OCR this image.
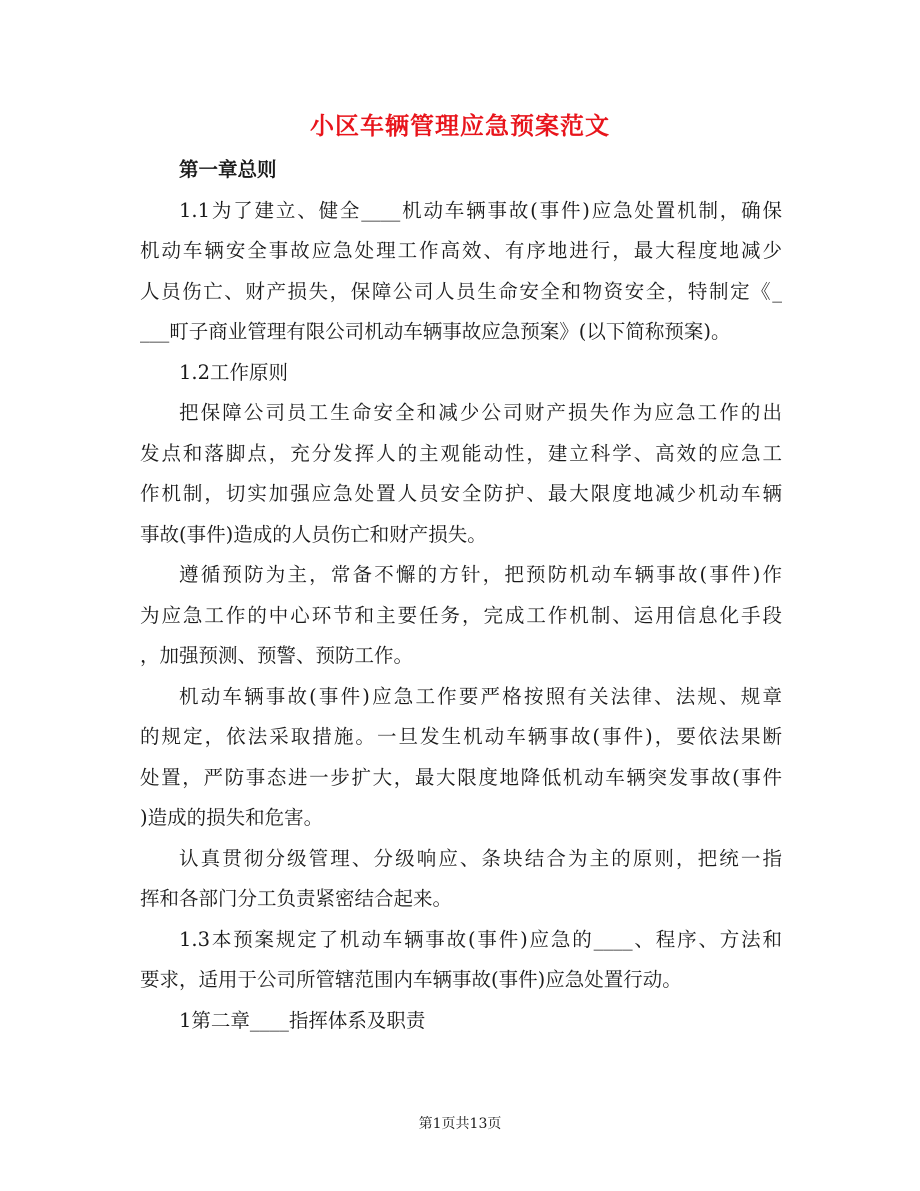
小区车辆管理应急预案范文

第一章总则

1.1为了建立、健全____机动车辆事故(事件)应急处置机制，确保

机动车辆安全事故应急处理工作高效、有序地进行，最大程度地减少

人员伤亡、财产损失，保障公司人员生命安全和物资安全，特制定《_

___町子商业管理有限公司机动车辆事故应急预案》(以下简称预案)。

1.2工作原则

把保障公司员工生命安全和减少公司财产损失作为应急工作的出

发点和落脚点，充分发挥人的主观能动性，建立科学、高效的应急工

作机制，切实加强应急处置人员安全防护、最大限度地减少机动车辆

事故(事件)造成的人员伤亡和财产损失。

遵循预防为主，常备不懈的方针，把预防机动车辆事故(事件)作

为应急工作的中心环节和主要任务，完成工作机制、运用信息化手段

，加强预测、预警、预防工作。

机动车辆事故(事件)应急工作要严格按照有关法律、法规、规章

的规定，依法采取措施。一旦发生机动车辆事故(事件)，要依法果断

处置，严防事态进一步扩大，最大限度地降低机动车辆突发事故(事件

)造成的损失和危害。

认真贯彻分级管理、分级响应、条块结合为主的原则，把统一指

挥和各部门分工负责紧密结合起来。

1.3本预案规定了机动车辆事故(事件)应急的____、程序、方法和

要求，适用于公司所管辖范围内车辆事故(事件)应急处置行动。

1第二章____指挥体系及职责

第1页共13页
